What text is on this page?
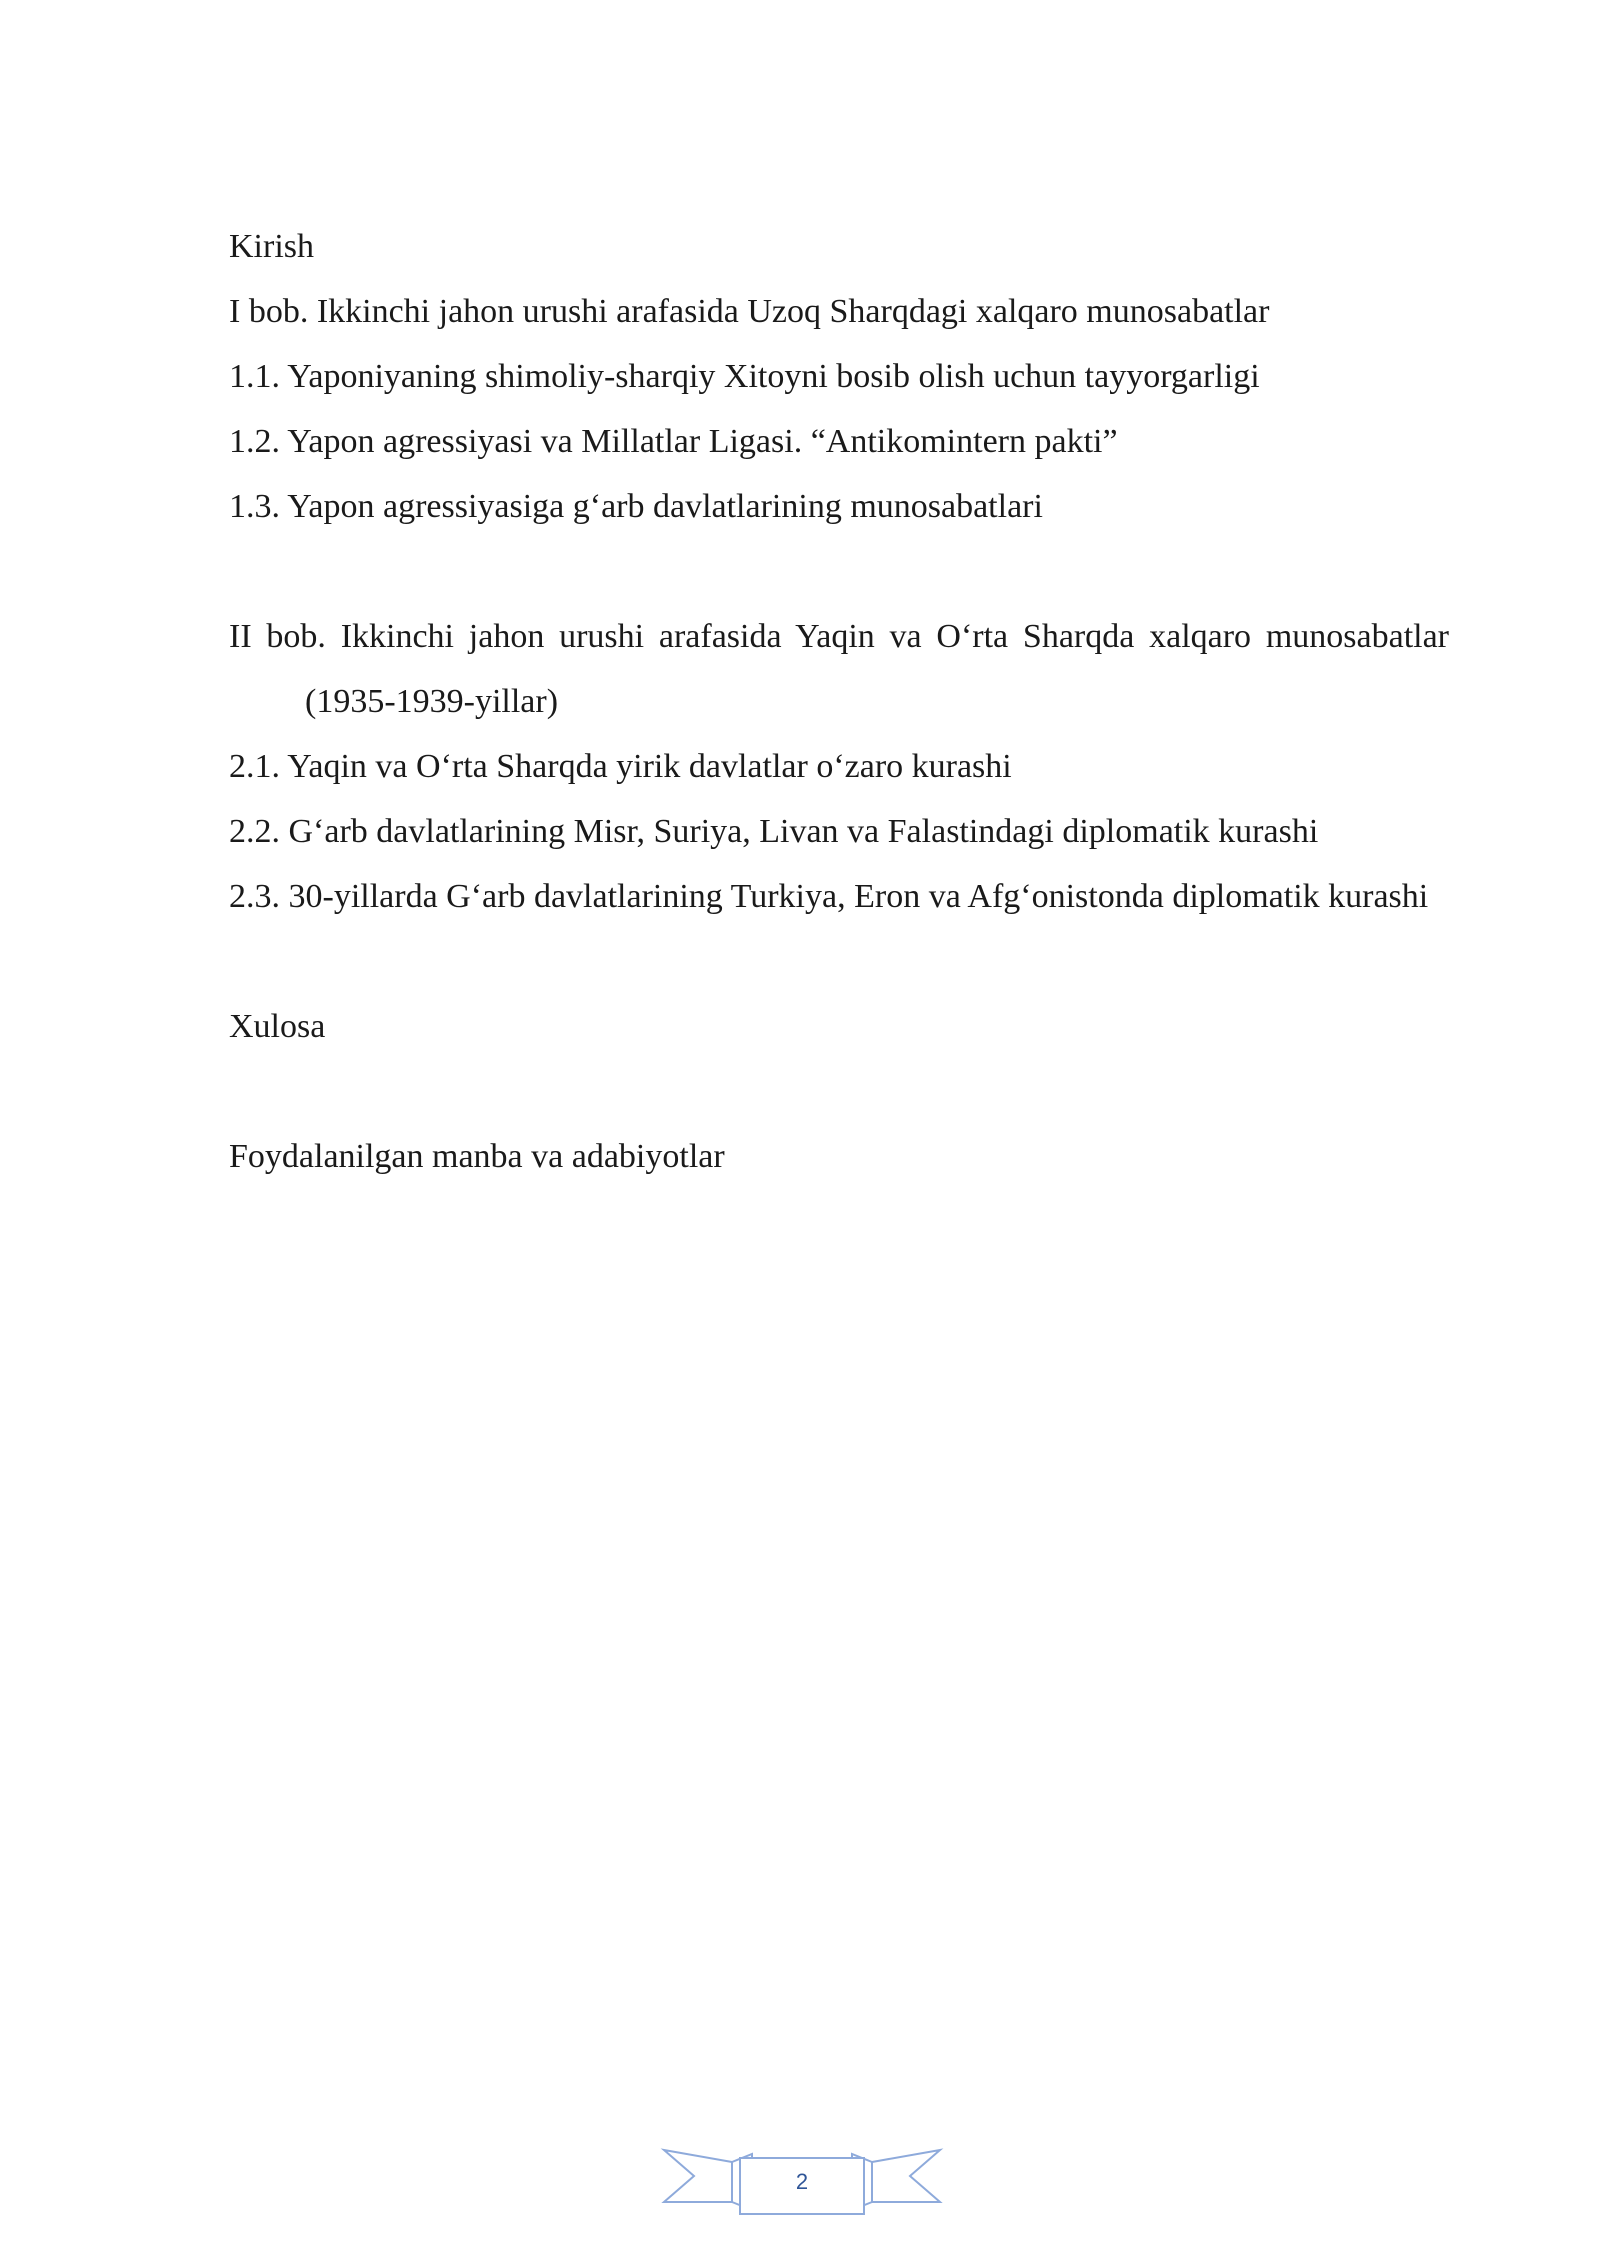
Kirish
I bob. Ikkinchi jahon urushi arafasida Uzoq Sharqdagi xalqaro munosabatlar
1.1. Yaponiyaning shimoliy-sharqiy Xitoyni bosib olish uchun tayyorgarligi
1.2. Yapon agressiyasi va Millatlar Ligasi. “Antikomintern pakti”
1.3. Yapon agressiyasiga g‘arb davlatlarining munosabatlari
II bob. Ikkinchi jahon urushi arafasida Yaqin va O‘rta Sharqda xalqaro munosabatlar (1935-1939-yillar)
2.1. Yaqin va O‘rta Sharqda yirik davlatlar o‘zaro kurashi
2.2. G‘arb davlatlarining Misr, Suriya, Livan va Falastindagi diplomatik kurashi
2.3. 30-yillarda G‘arb davlatlarining Turkiya, Eron va Afg‘onistonda diplomatik kurashi
Xulosa
Foydalanilgan manba va adabiyotlar
2
